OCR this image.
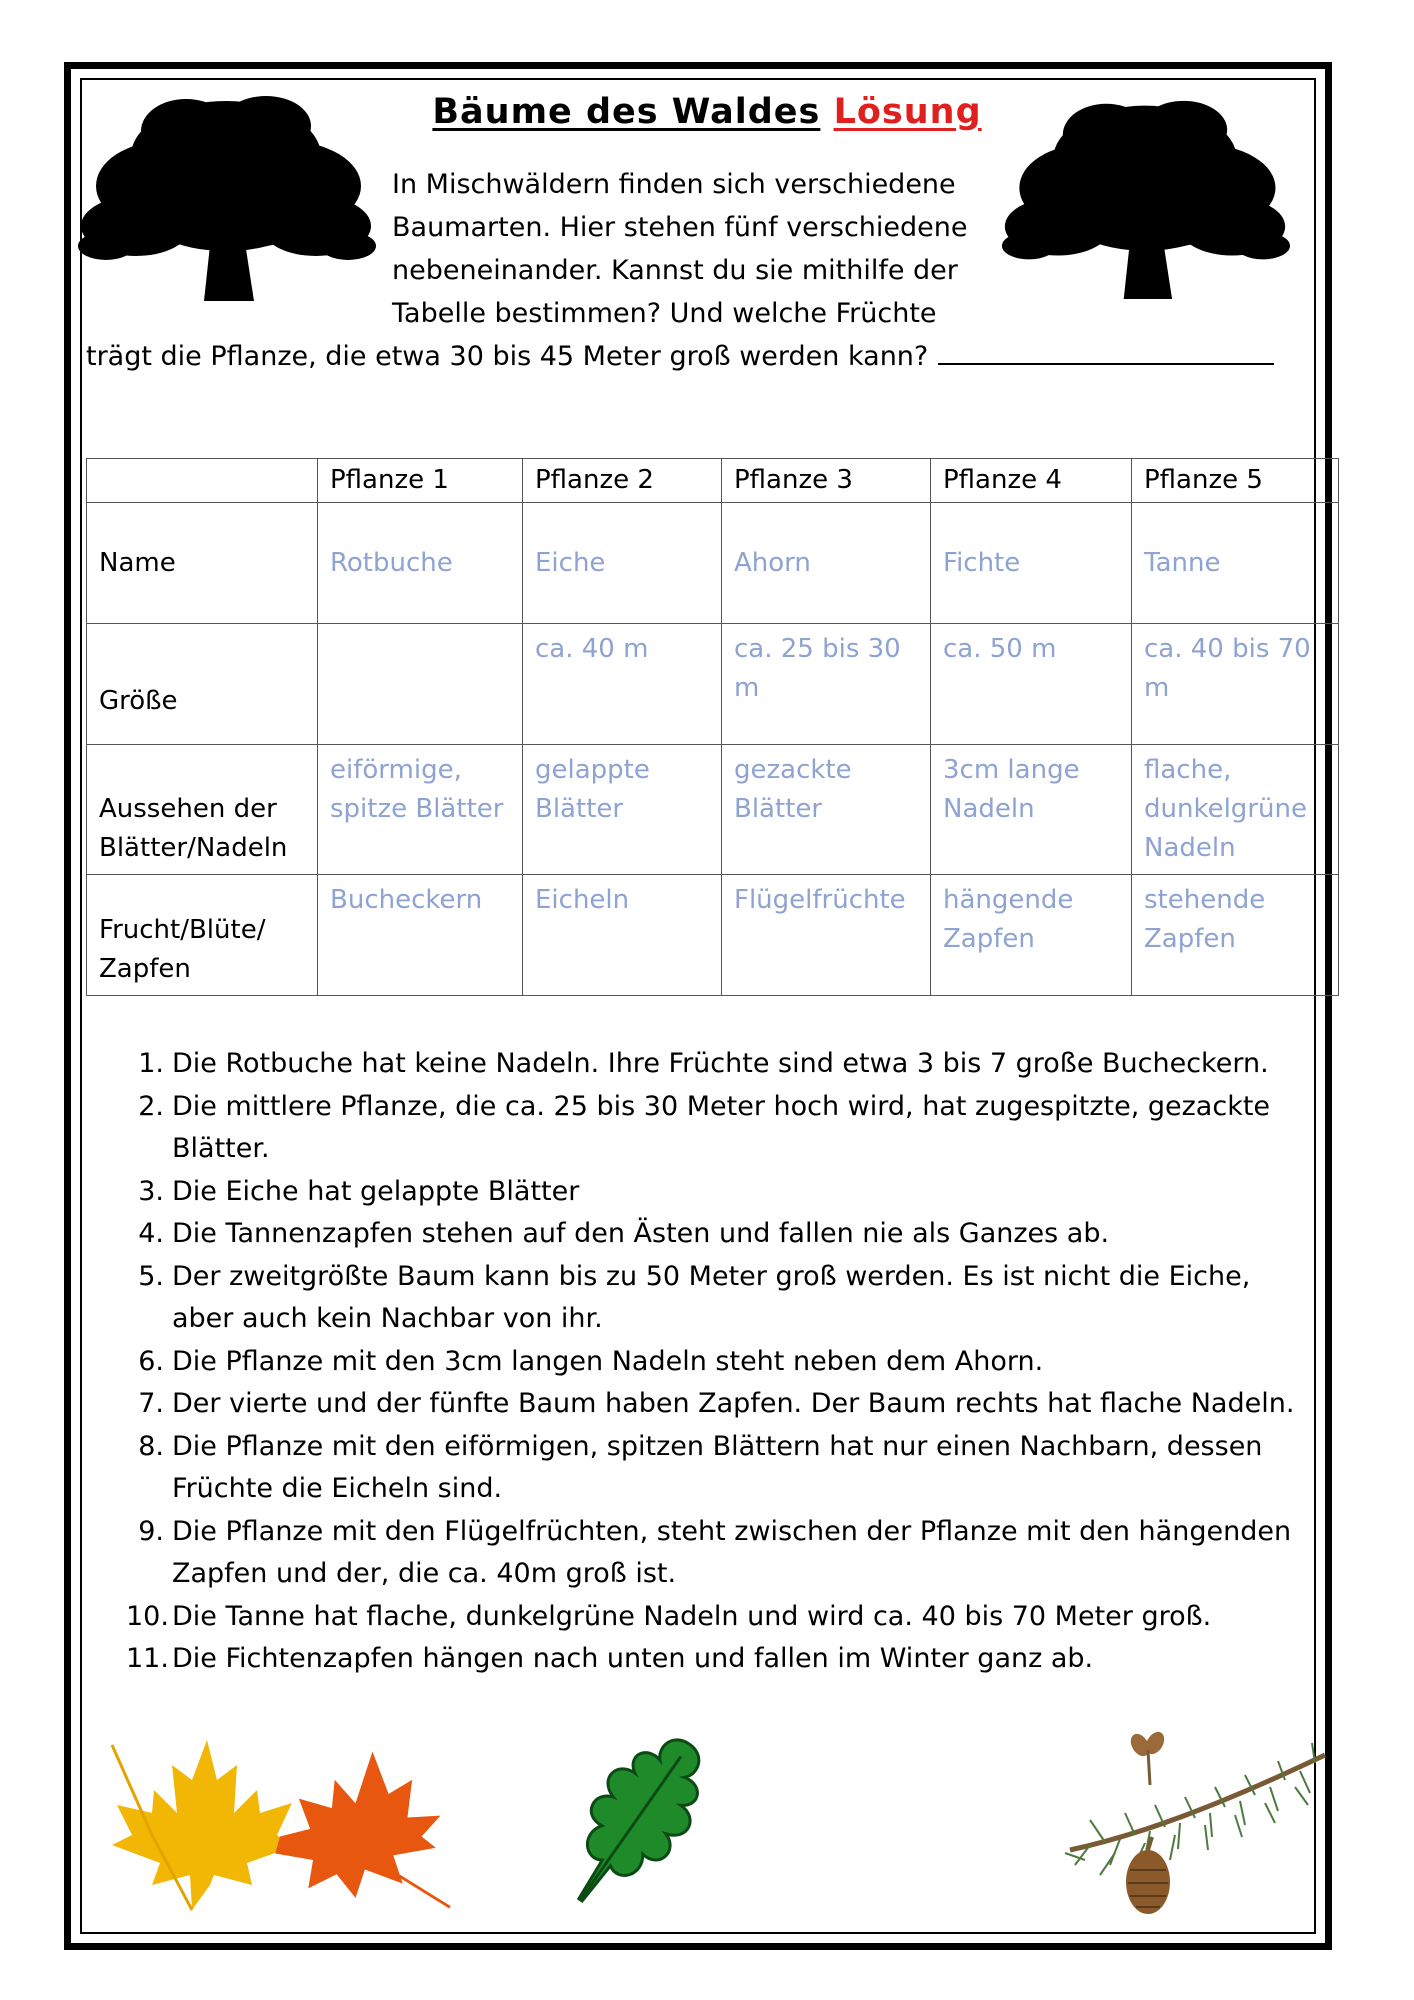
Bäume des Waldes Lösung
In Mischwäldern finden sich verschiedene
Baumarten. Hier stehen fünf verschiedene
nebeneinander. Kannst du sie mithilfe der
Tabelle bestimmen? Und welche Früchte
trägt die Pflanze, die etwa 30 bis 45 Meter groß werden kann?
	Pflanze 1	Pflanze 2	Pflanze 3	Pflanze 4	Pflanze 5
Name	Rotbuche	Eiche	Ahorn	Fichte	Tanne
Größe		ca. 40 m	ca. 25 bis 30 m	ca. 50 m	ca. 40 bis 70 m
Aussehen der Blätter/Nadeln	eiförmige, spitze Blätter	gelappte Blätter	gezackte Blätter	3cm lange Nadeln	flache, dunkelgrüne Nadeln
Frucht/Blüte/ Zapfen	Bucheckern	Eicheln	Flügelfrüchte	hängende Zapfen	stehende Zapfen
1. Die Rotbuche hat keine Nadeln. Ihre Früchte sind etwa 3 bis 7 große Bucheckern.
2. Die mittlere Pflanze, die ca. 25 bis 30 Meter hoch wird, hat zugespitzte, gezackte Blätter.
3. Die Eiche hat gelappte Blätter
4. Die Tannenzapfen stehen auf den Ästen und fallen nie als Ganzes ab.
5. Der zweitgrößte Baum kann bis zu 50 Meter groß werden. Es ist nicht die Eiche, aber auch kein Nachbar von ihr.
6. Die Pflanze mit den 3cm langen Nadeln steht neben dem Ahorn.
7. Der vierte und der fünfte Baum haben Zapfen. Der Baum rechts hat flache Nadeln.
8. Die Pflanze mit den eiförmigen, spitzen Blättern hat nur einen Nachbarn, dessen Früchte die Eicheln sind.
9. Die Pflanze mit den Flügelfrüchten, steht zwischen der Pflanze mit den hängenden Zapfen und der, die ca. 40m groß ist.
10. Die Tanne hat flache, dunkelgrüne Nadeln und wird ca. 40 bis 70 Meter groß.
11. Die Fichtenzapfen hängen nach unten und fallen im Winter ganz ab.
